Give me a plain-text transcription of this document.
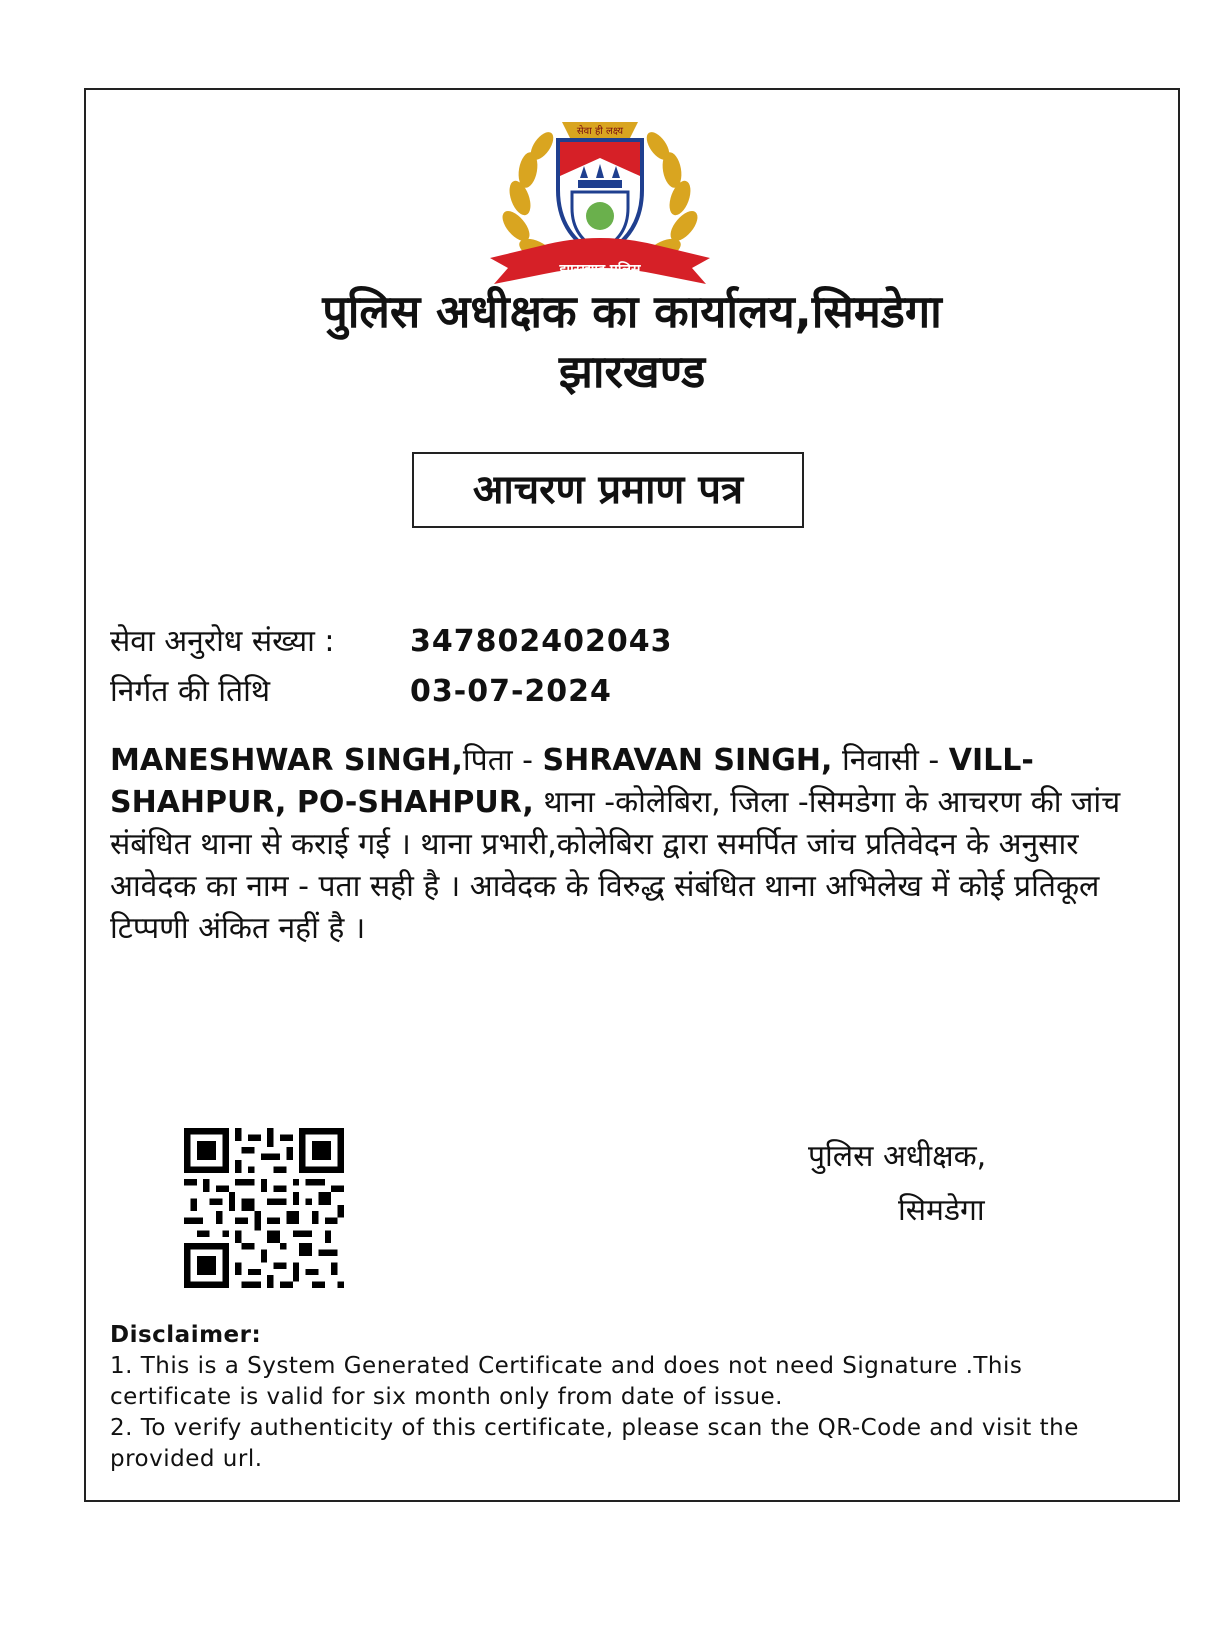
सेवा ही लक्ष्य
झारखण्ड पुलिस
पुलिस अधीक्षक का कार्यालय,सिमडेगा
झारखण्ड
आचरण प्रमाण पत्र
सेवा अनुरोध संख्या :	347802402043
निर्गत की तिथि	03-07-2024

MANESHWAR SINGH,पिता - SHRAVAN SINGH, निवासी - VILL-SHAHPUR, PO-SHAHPUR, थाना -कोलेबिरा, जिला -सिमडेगा के आचरण की जांच संबंधित थाना से कराई गई । थाना प्रभारी,कोलेबिरा द्वारा समर्पित जांच प्रतिवेदन के अनुसार आवेदक का नाम - पता सही है । आवेदक के विरुद्ध संबंधित थाना अभिलेख में कोई प्रतिकूल टिप्पणी अंकित नहीं है ।

पुलिस अधीक्षक,
सिमडेगा
Disclaimer:
1. This is a System Generated Certificate and does not need Signature .This certificate is valid for six month only from date of issue.
2. To verify authenticity of this certificate, please scan the QR-Code and visit the provided url.
